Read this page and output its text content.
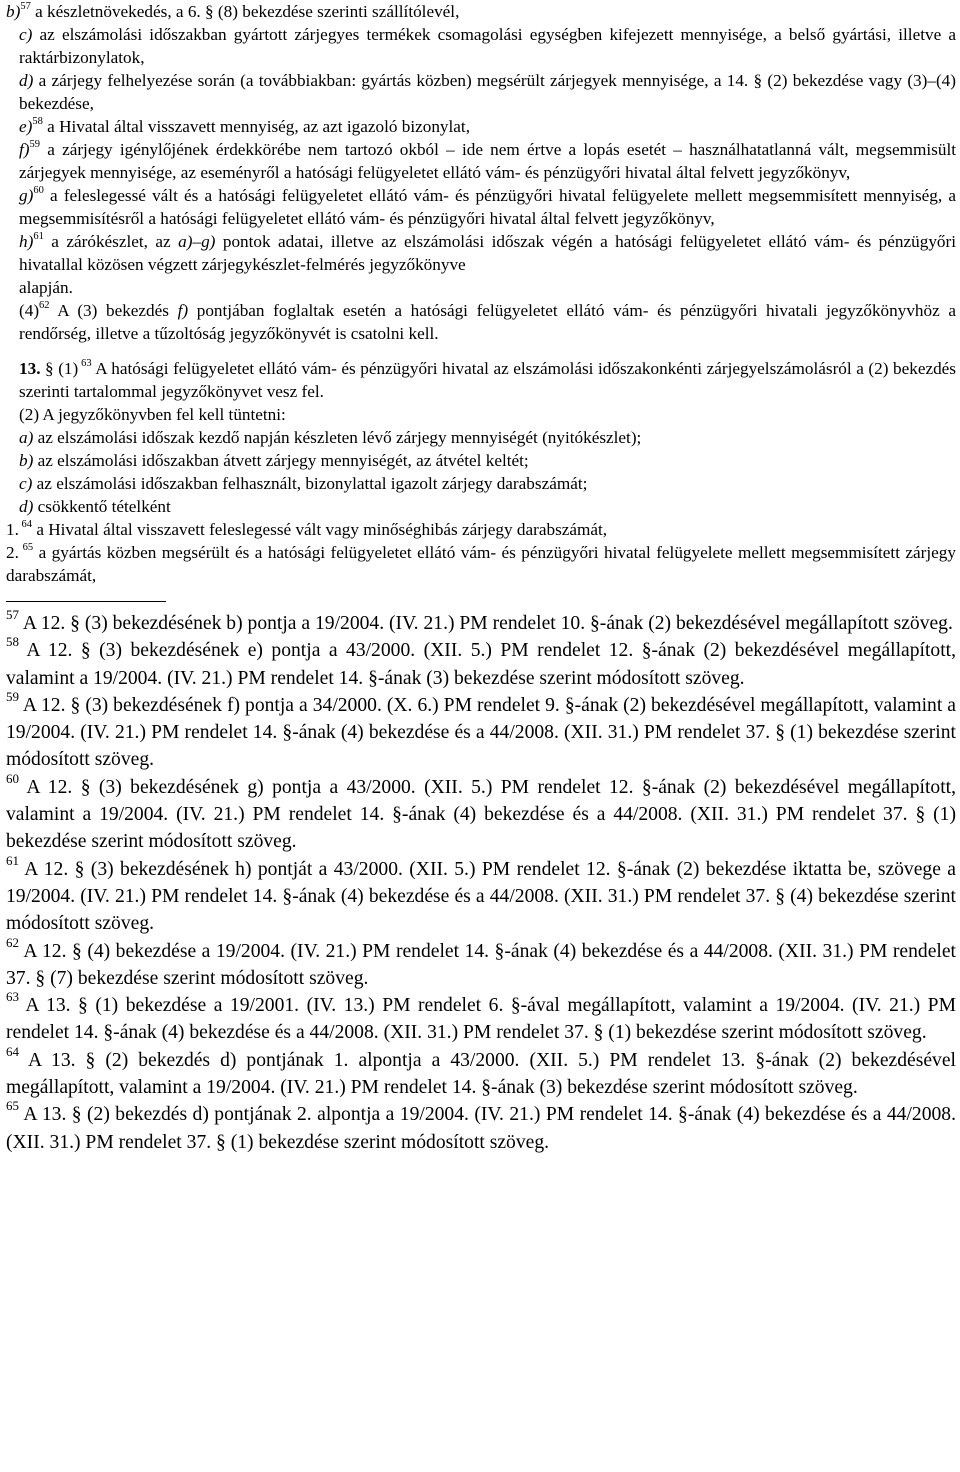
b)$^{57}$ a készletnövekedés, a 6. § (8) bekezdése szerinti szállítólevél,

c) az elszámolási időszakban gyártott zárjegyes termékek csomagolási egységben kifejezett mennyisége, a belső gyártási, illetve a raktárbizonylatok,

d) a zárjegy felhelyezése során (a továbbiakban: gyártás közben) megsérült zárjegyek mennyisége, a 14. § (2) bekezdése vagy (3)–(4) bekezdése,

e)$^{58}$ a Hivatal által visszavett mennyiség, az azt igazoló bizonylat,

f)$^{59}$ a zárjegy igénylőjének érdekkörébe nem tartozó okból – ide nem értve a lopás esetét – használhatatlanná vált, megsemmisült zárjegyek mennyisége, az eseményről a hatósági felügyeletet ellátó vám- és pénzügyőri hivatal által felvett jegyzőkönyv,

g)$^{60}$ a feleslegessé vált és a hatósági felügyeletet ellátó vám- és pénzügyőri hivatal felügyelete mellett megsemmisített mennyiség, a megsemmisítésről a hatósági felügyeletet ellátó vám- és pénzügyőri hivatal által felvett jegyzőkönyv,

h)$^{61}$ a zárókészlet, az a)–g) pontok adatai, illetve az elszámolási időszak végén a hatósági felügyeletet ellátó vám- és pénzügyőri hivatallal közösen végzett zárjegykészlet-felmérés jegyzőkönyve

alapján.

$(4)^{62}$ A (3) bekezdés f) pontjában foglaltak esetén a hatósági felügyeletet ellátó vám- és pénzügyőri hivatali jegyzőkönyvhöz a rendőrség, illetve a tűzoltóság jegyzőkönyvét is csatolni kell.

13. § (1) $^{63}$ A hatósági felügyeletet ellátó vám- és pénzügyőri hivatal az elszámolási időszakonkénti zárjegyelszámolásról a (2) bekezdés szerinti tartalommal jegyzőkönyvet vesz fel.

(2) A jegyzőkönyvben fel kell tüntetni:

a) az elszámolási időszak kezdő napján készleten lévő zárjegy mennyiségét (nyitókészlet);

b) az elszámolási időszakban átvett zárjegy mennyiségét, az átvétel keltét;

c) az elszámolási időszakban felhasznált, bizonylattal igazolt zárjegy darabszámát;

d) csökkentő tételként

1. $^{64}$ a Hivatal által visszavett feleslegessé vált vagy minőséghibás zárjegy darabszámát,

2. $^{65}$ a gyártás közben megsérült és a hatósági felügyeletet ellátó vám- és pénzügyőri hivatal felügyelete mellett megsemmisített zárjegy darabszámát,

$^{57}$ A 12. § (3) bekezdésének b) pontja a 19/2004. (IV. 21.) PM rendelet 10. §-ának (2) bekezdésével megállapított szöveg.

$^{58}$ A 12. § (3) bekezdésének e) pontja a 43/2000. (XII. 5.) PM rendelet 12. §-ának (2) bekezdésével megállapított, valamint a 19/2004. (IV. 21.) PM rendelet 14. §-ának (3) bekezdése szerint módosított szöveg.

$^{59}$ A 12. § (3) bekezdésének f) pontja a 34/2000. (X. 6.) PM rendelet 9. §-ának (2) bekezdésével megállapított, valamint a 19/2004. (IV. 21.) PM rendelet 14. §-ának (4) bekezdése és a 44/2008. (XII. 31.) PM rendelet 37. § (1) bekezdése szerint módosított szöveg.

$^{60}$ A 12. § (3) bekezdésének g) pontja a 43/2000. (XII. 5.) PM rendelet 12. §-ának (2) bekezdésével megállapított, valamint a 19/2004. (IV. 21.) PM rendelet 14. §-ának (4) bekezdése és a 44/2008. (XII. 31.) PM rendelet 37. § (1) bekezdése szerint módosított szöveg.

$^{61}$ A 12. § (3) bekezdésének h) pontját a 43/2000. (XII. 5.) PM rendelet 12. §-ának (2) bekezdése iktatta be, szövege a 19/2004. (IV. 21.) PM rendelet 14. §-ának (4) bekezdése és a 44/2008. (XII. 31.) PM rendelet 37. § (4) bekezdése szerint módosított szöveg.

$^{62}$ A 12. § (4) bekezdése a 19/2004. (IV. 21.) PM rendelet 14. §-ának (4) bekezdése és a 44/2008. (XII. 31.) PM rendelet 37. § (7) bekezdése szerint módosított szöveg.

$^{63}$ A 13. § (1) bekezdése a 19/2001. (IV. 13.) PM rendelet 6. §-ával megállapított, valamint a 19/2004. (IV. 21.) PM rendelet 14. §-ának (4) bekezdése és a 44/2008. (XII. 31.) PM rendelet 37. § (1) bekezdése szerint módosított szöveg.

$^{64}$ A 13. § (2) bekezdés d) pontjának 1. alpontja a 43/2000. (XII. 5.) PM rendelet 13. §-ának (2) bekezdésével megállapított, valamint a 19/2004. (IV. 21.) PM rendelet 14. §-ának (3) bekezdése szerint módosított szöveg.

$^{65}$ A 13. § (2) bekezdés d) pontjának 2. alpontja a 19/2004. (IV. 21.) PM rendelet 14. §-ának (4) bekezdése és a 44/2008. (XII. 31.) PM rendelet 37. § (1) bekezdése szerint módosított szöveg.
